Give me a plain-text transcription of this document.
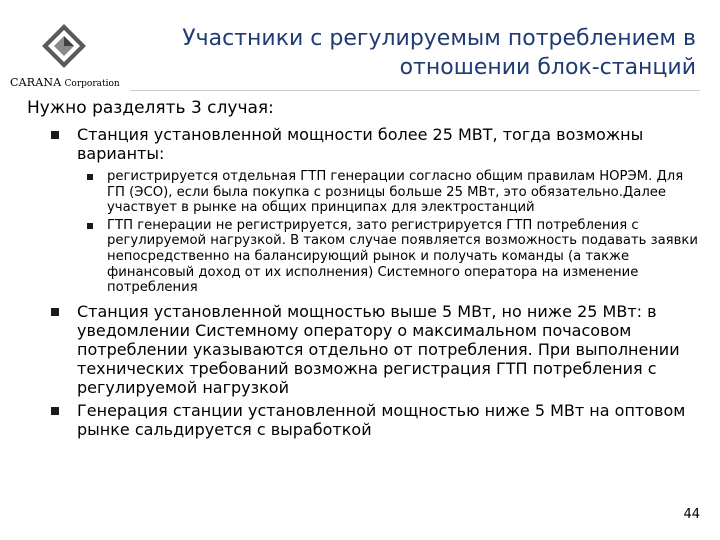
CARANA Corporation
Участники с регулируемым потреблением в отношении блок-станций
Нужно разделять 3 случая:
Станция установленной мощности более 25 МВТ, тогда возможны варианты:
регистрируется отдельная ГТП генерации согласно общим правилам НОРЭМ. Для ГП (ЭСО), если была покупка с розницы больше 25 МВт, это обязательно.Далее участвует в рынке на общих принципах для электростанций
ГТП генерации не регистрируется, зато регистрируется ГТП потребления с регулируемой нагрузкой. В таком случае появляется возможность подавать заявки непосредственно на балансирующий рынок и получать команды (а также финансовый доход от их исполнения) Системного оператора на изменение потребления
Станция установленной мощностью выше 5 МВт, но ниже 25 МВт: в уведомлении Системному оператору о максимальном почасовом потреблении указываются отдельно от потребления. При выполнении технических требований возможна регистрация ГТП потребления с регулируемой нагрузкой
Генерация станции установленной мощностью ниже 5 МВт на оптовом рынке сальдируется с выработкой
44
